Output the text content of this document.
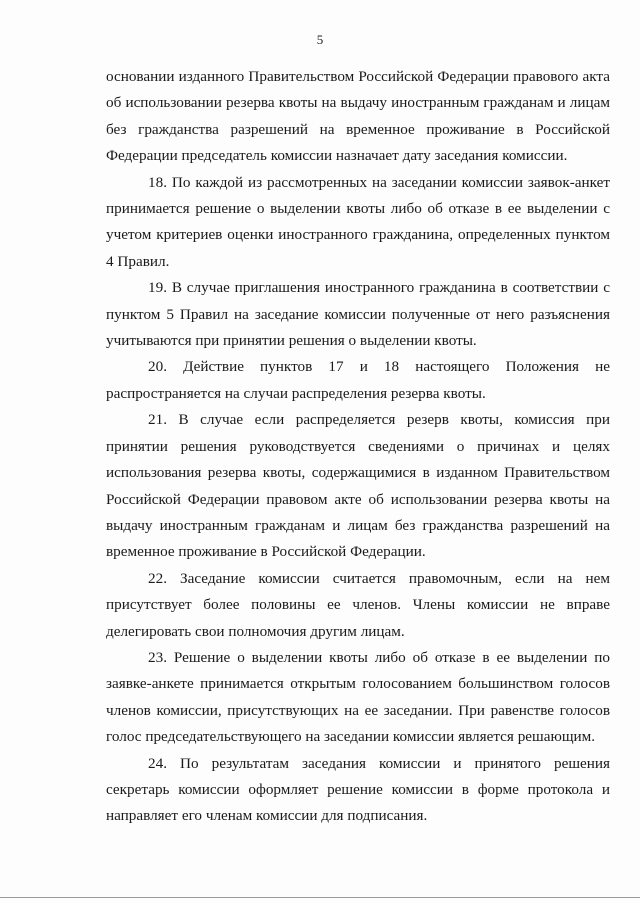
5

основании изданного Правительством Российской Федерации правового акта об использовании резерва квоты на выдачу иностранным гражданам и лицам без гражданства разрешений на временное проживание в Российской Федерации председатель комиссии назначает дату заседания комиссии.

18. По каждой из рассмотренных на заседании комиссии заявок-анкет принимается решение о выделении квоты либо об отказе в ее выделении с учетом критериев оценки иностранного гражданина, определенных пунктом 4 Правил.

19. В случае приглашения иностранного гражданина в соответствии с пунктом 5 Правил на заседание комиссии полученные от него разъяснения учитываются при принятии решения о выделении квоты.

20. Действие пунктов 17 и 18 настоящего Положения не распространяется на случаи распределения резерва квоты.

21. В случае если распределяется резерв квоты, комиссия при принятии решения руководствуется сведениями о причинах и целях использования резерва квоты, содержащимися в изданном Правительством Российской Федерации правовом акте об использовании резерва квоты на выдачу иностранным гражданам и лицам без гражданства разрешений на временное проживание в Российской Федерации.

22. Заседание комиссии считается правомочным, если на нем присутствует более половины ее членов. Члены комиссии не вправе делегировать свои полномочия другим лицам.

23. Решение о выделении квоты либо об отказе в ее выделении по заявке-анкете принимается открытым голосованием большинством голосов членов комиссии, присутствующих на ее заседании. При равенстве голосов голос председательствующего на заседании комиссии является решающим.

24. По результатам заседания комиссии и принятого решения секретарь комиссии оформляет решение комиссии в форме протокола и направляет его членам комиссии для подписания.
